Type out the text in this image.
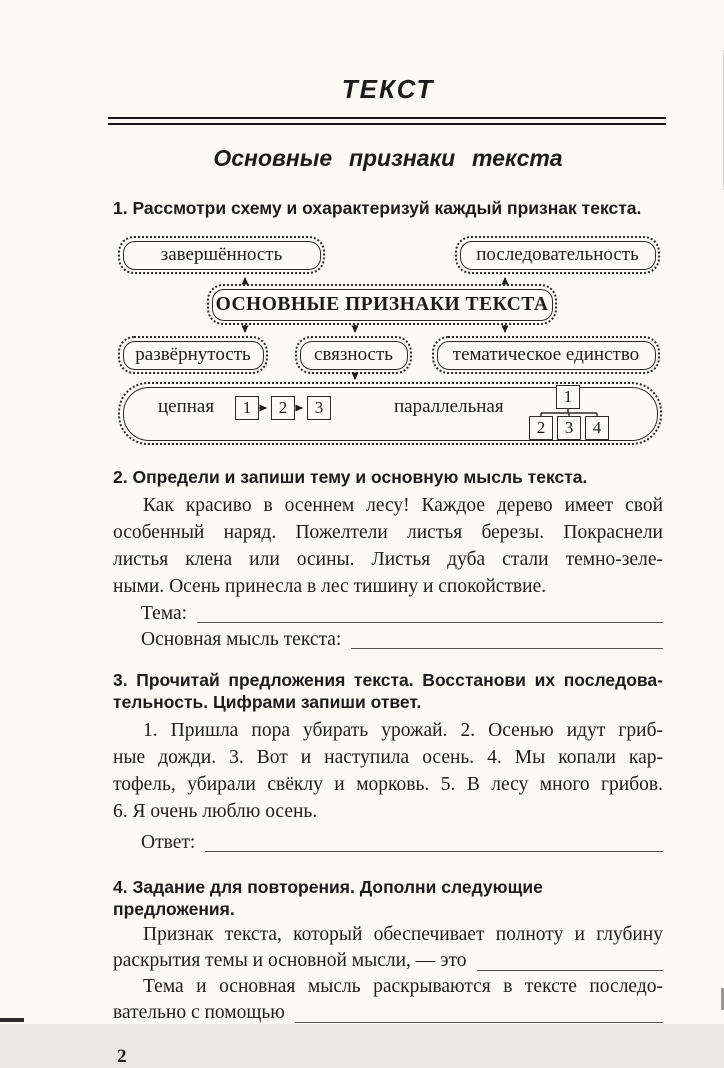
ТЕКСТ
Основные признаки текста
1. Рассмотри схему и охарактеризуй каждый признак текста.
завершённость	последовательность
ОСНОВНЫЕ ПРИЗНАКИ ТЕКСТА
развёрнутость	связность	тематическое единство
цепная	1	2	3	параллельная	1
2	3	4
2. Определи и запиши тему и основную мысль текста.
Как красиво в осеннем лесу! Каждое дерево имеет свой
особенный наряд. Пожелтели листья березы. Покраснели
листья клена или осины. Листья дуба стали темно-зеле-
ными. Осень принесла в лес тишину и спокойствие.
Тема:
Основная мысль текста:
3. Прочитай предложения текста. Восстанови их последова-
тельность. Цифрами запиши ответ.
1. Пришла пора убирать урожай. 2. Осенью идут гриб-
ные дожди. 3. Вот и наступила осень. 4. Мы копали кар-
тофель, убирали свёклу и морковь. 5. В лесу много грибов.
6. Я очень люблю осень.
Ответ:
4. Задание для повторения. Дополни следующие предложения.
Признак текста, который обеспечивает полноту и глубину
раскрытия темы и основной мысли, — это
Тема и основная мысль раскрываются в тексте последо-
вательно с помощью
2
